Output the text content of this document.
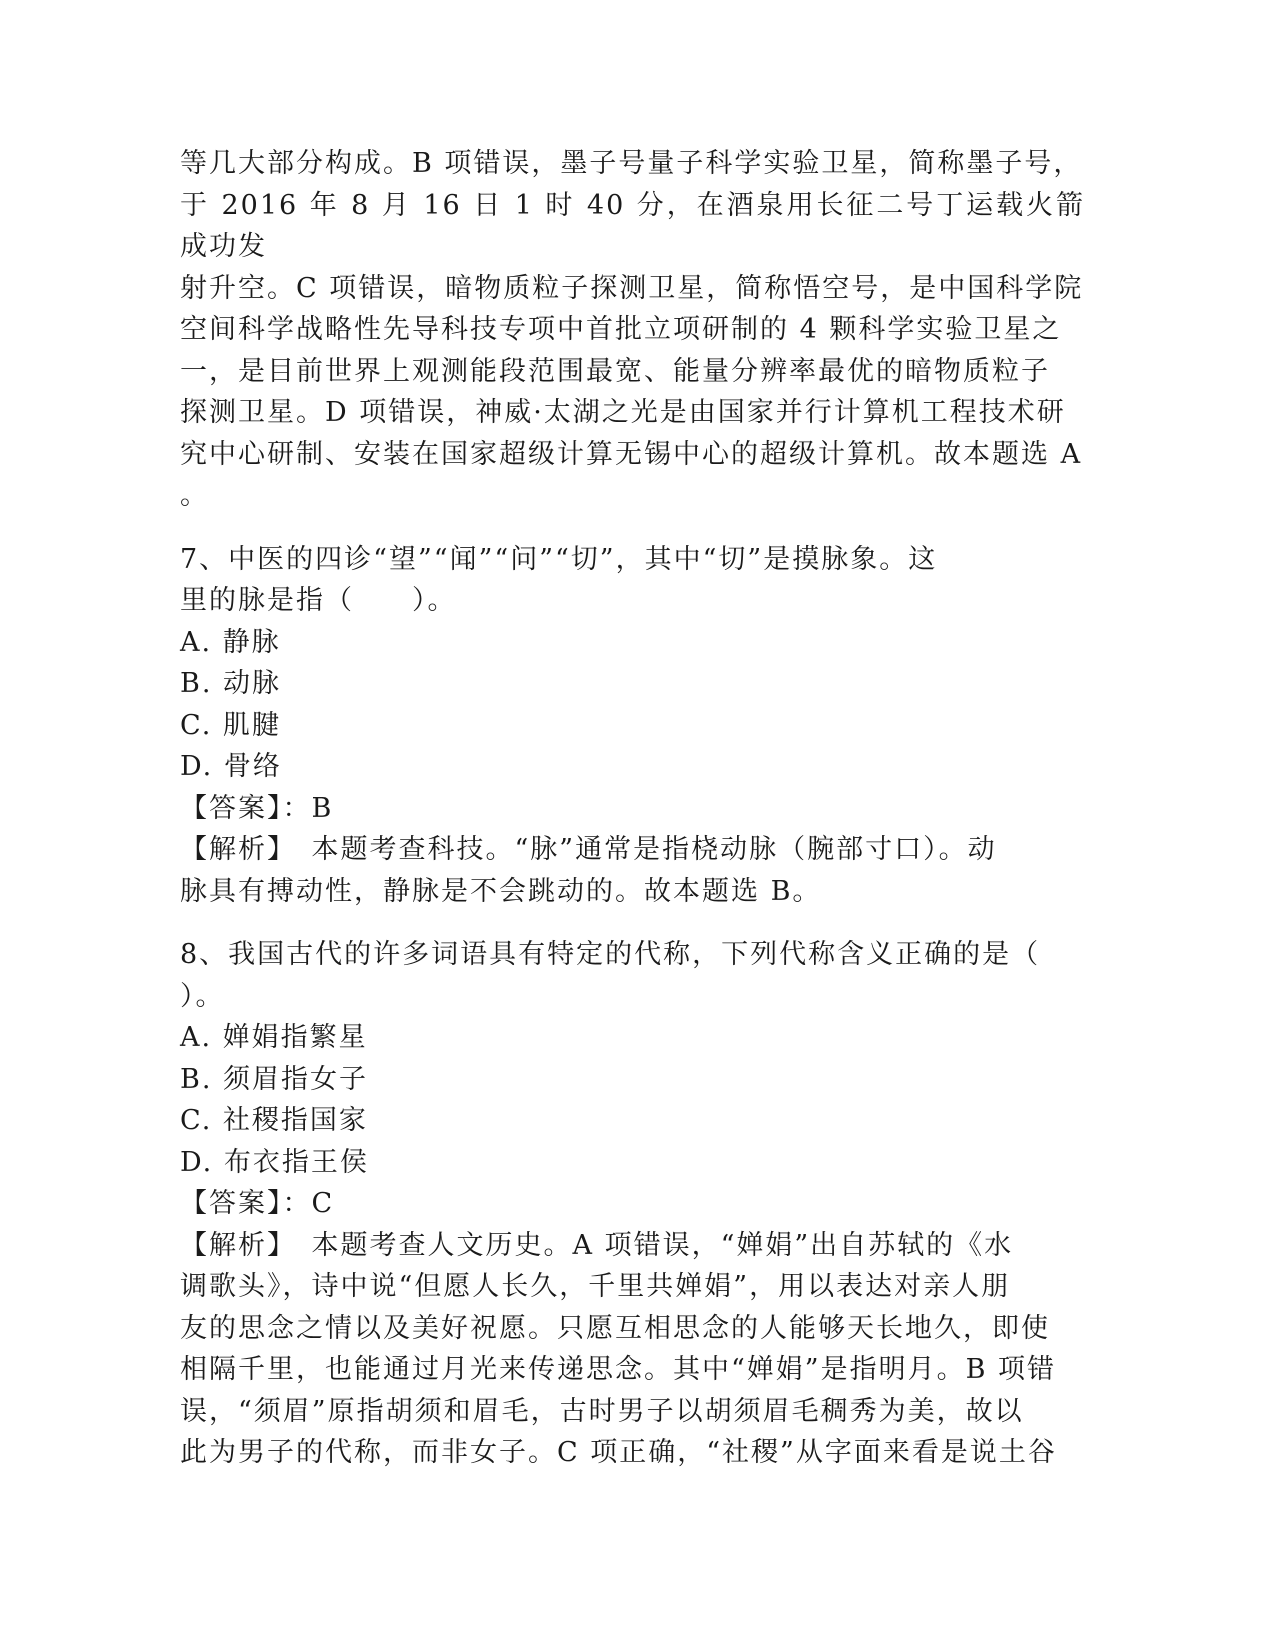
等几大部分构成。B 项错误，墨子号量子科学实验卫星，简称墨子号，
于 2016 年 8 月 16 日 1 时 40 分，在酒泉用长征二号丁运载火箭成功发
射升空。C 项错误，暗物质粒子探测卫星，简称悟空号，是中国科学院
空间科学战略性先导科技专项中首批立项研制的 4 颗科学实验卫星之
一，是目前世界上观测能段范围最宽、能量分辨率最优的暗物质粒子
探测卫星。D 项错误，神威·太湖之光是由国家并行计算机工程技术研
究中心研制、安装在国家超级计算无锡中心的超级计算机。故本题选 A
。
7、中医的四诊“望”“闻”“问”“切”，其中“切”是摸脉象。这
里的脉是指（　　）。
A. 静脉
B. 动脉
C. 肌腱
D. 骨络
【答案】：B
【解析】　本题考查科技。“脉”通常是指桡动脉（腕部寸口）。动
脉具有搏动性，静脉是不会跳动的。故本题选 B。
8、我国古代的许多词语具有特定的代称，下列代称含义正确的是（
）。
A. 婵娟指繁星
B. 须眉指女子
C. 社稷指国家
D. 布衣指王侯
【答案】：C
【解析】　本题考查人文历史。A 项错误，“婵娟”出自苏轼的《水
调歌头》，诗中说“但愿人长久，千里共婵娟”，用以表达对亲人朋
友的思念之情以及美好祝愿。只愿互相思念的人能够天长地久，即使
相隔千里，也能通过月光来传递思念。其中“婵娟”是指明月。B 项错
误，“须眉”原指胡须和眉毛，古时男子以胡须眉毛稠秀为美，故以
此为男子的代称，而非女子。C 项正确，“社稷”从字面来看是说土谷
